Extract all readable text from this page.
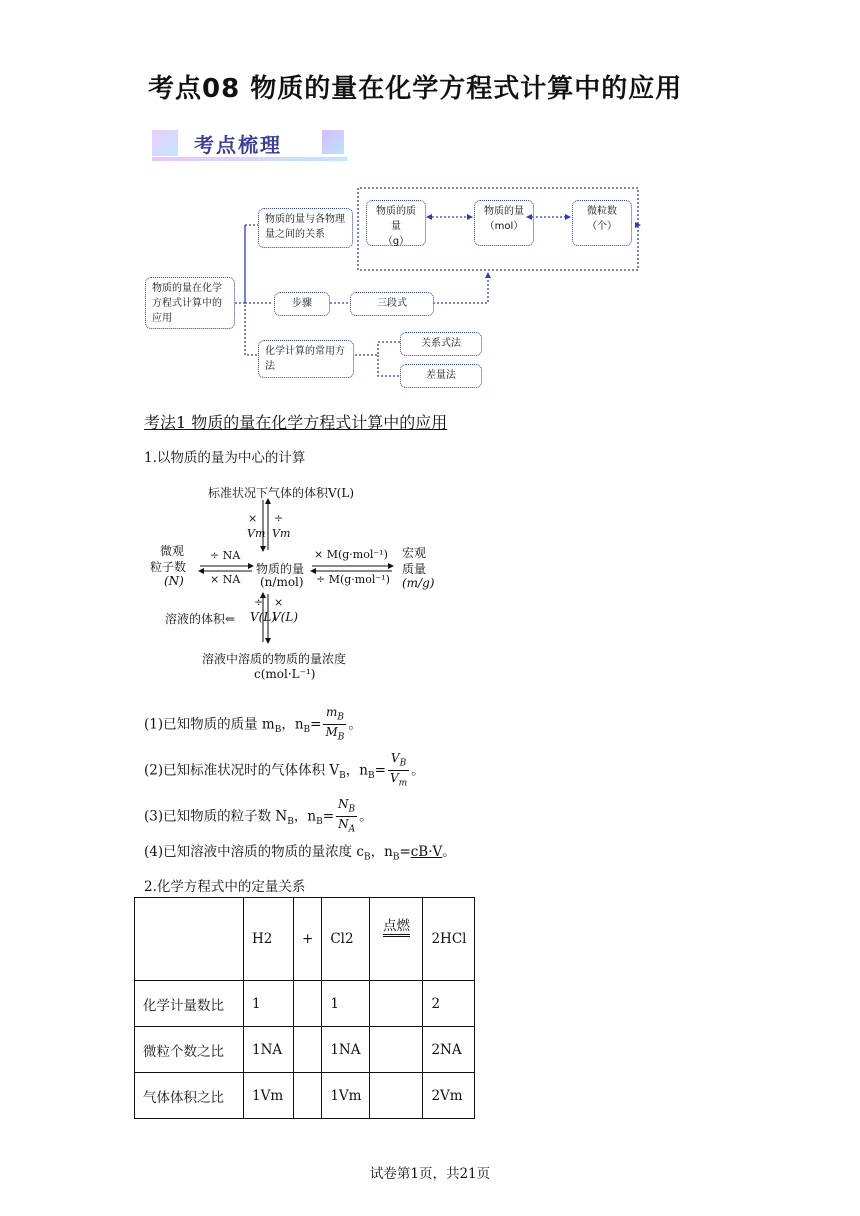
考点08 物质的量在化学方程式计算中的应用
考点梳理
物质的量在化学方程式计算中的应用
物质的量与各物理量之间的关系
物质的质量
（g）
物质的量
（mol）
微粒数
（个）
步骤	三段式
化学计算的常用方法
关系式法
差量法
考法1 物质的量在化学方程式计算中的应用
1.以物质的量为中心的计算
标准状况下气体的体积V(L)
×
Vm
÷
Vm
微观
粒子数
(N)
÷ NA
× NA
物质的量
(n/mol)
× M(g·mol⁻¹)
÷ M(g·mol⁻¹)
宏观
质量
(m/g)
溶液的体积⇐ V(L)
÷ ×
V(L)
溶液中溶质的物质的量浓度
c(mol·L⁻¹)
(1)已知物质的质量 $m_B$，$n_B= \frac{m_B}{M_B}$ 。
(2)已知标准状况时的气体体积 $V_B$，$n_B= \frac{V_B}{V_m}$ 。
(3)已知物质的粒子数 $N_B$，$n_B= \frac{N_B}{N_A}$ 。
(4)已知溶液中溶质的物质的量浓度 $c_B$，$n_B=cB\cdot V$。
2.化学方程式中的定量关系
	H2	+	Cl2	点燃	2HCl
化学计量数比	1		1		2
微粒个数之比	1NA		1NA		2NA
气体体积之比	1Vm		1Vm		2Vm
试卷第1页，共21页
